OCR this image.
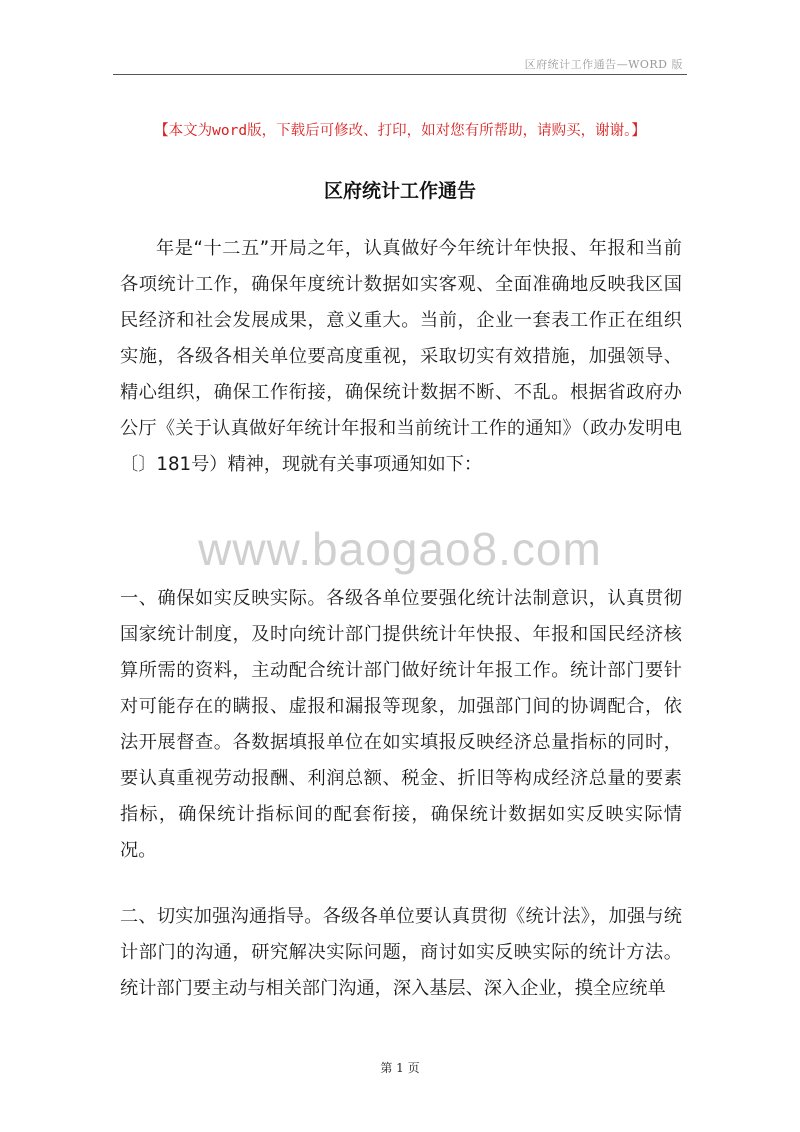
区府统计工作通告—WORD 版
【本文为word版，下载后可修改、打印，如对您有所帮助，请购买，谢谢。】
区府统计工作通告

年是“十二五”开局之年，认真做好今年统计年快报、年报和当前各项统计工作，确保年度统计数据如实客观、全面准确地反映我区国民经济和社会发展成果，意义重大。当前，企业一套表工作正在组织实施，各级各相关单位要高度重视，采取切实有效措施，加强领导、精心组织，确保工作衔接，确保统计数据不断、不乱。根据省政府办公厅《关于认真做好年统计年报和当前统计工作的通知》（政办发明电〔〕181号）精神，现就有关事项通知如下：

www.baogao8.com

一、确保如实反映实际。各级各单位要强化统计法制意识，认真贯彻国家统计制度，及时向统计部门提供统计年快报、年报和国民经济核算所需的资料，主动配合统计部门做好统计年报工作。统计部门要针对可能存在的瞒报、虚报和漏报等现象，加强部门间的协调配合，依法开展督查。各数据填报单位在如实填报反映经济总量指标的同时，要认真重视劳动报酬、利润总额、税金、折旧等构成经济总量的要素指标，确保统计指标间的配套衔接，确保统计数据如实反映实际情况。

二、切实加强沟通指导。各级各单位要认真贯彻《统计法》，加强与统计部门的沟通，研究解决实际问题，商讨如实反映实际的统计方法。统计部门要主动与相关部门沟通，深入基层、深入企业，摸全应统单

第 1 页
